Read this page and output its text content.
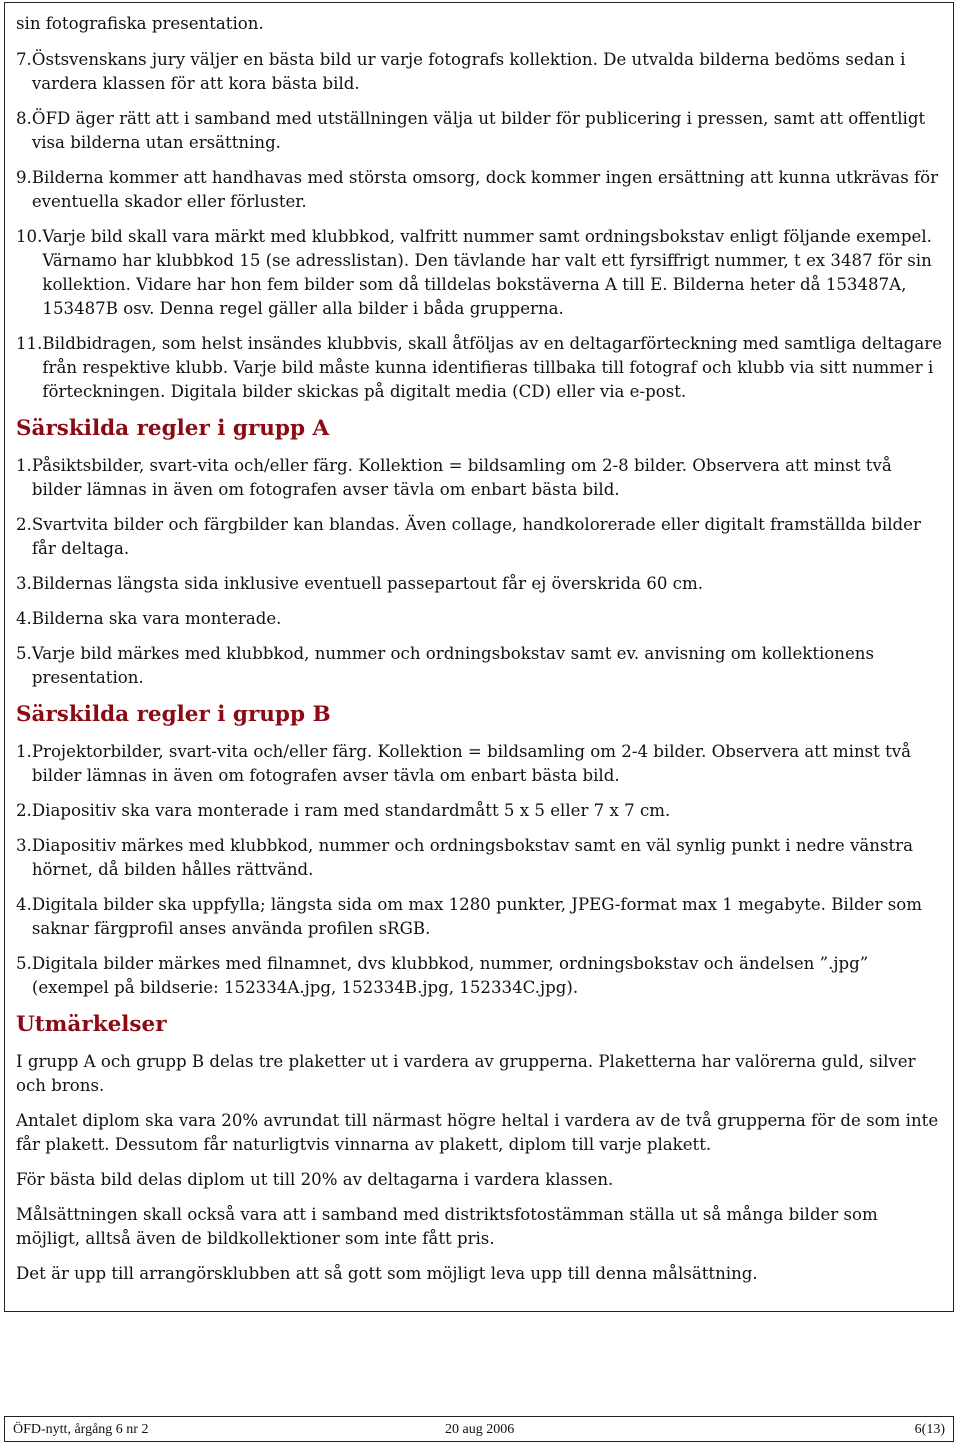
sin fotografiska presentation.

7. Östsvenskans jury väljer en bästa bild ur varje fotografs kollektion. De utvalda bilderna bedöms sedan i vardera klassen för att kora bästa bild.
8. ÖFD äger rätt att i samband med utställningen välja ut bilder för publicering i pressen, samt att offentligt visa bilderna utan ersättning.
9. Bilderna kommer att handhavas med största omsorg, dock kommer ingen ersättning att kunna utkrävas för eventuella skador eller förluster.
10. Varje bild skall vara märkt med klubbkod, valfritt nummer samt ordningsbokstav enligt följande exempel. Värnamo har klubbkod 15 (se adresslistan). Den tävlande har valt ett fyrsiffrigt nummer, t ex 3487 för sin kollektion. Vidare har hon fem bilder som då tilldelas bokstäverna A till E. Bilderna heter då 153487A, 153487B osv. Denna regel gäller alla bilder i båda grupperna.
11. Bildbidragen, som helst insändes klubbvis, skall åtföljas av en deltagarförteckning med samtliga deltagare från respektive klubb. Varje bild måste kunna identifieras tillbaka till fotograf och klubb via sitt nummer i förteckningen. Digitala bilder skickas på digitalt media (CD) eller via e-post.
Särskilda regler i grupp A
1. Påsiktsbilder, svart-vita och/eller färg. Kollektion = bildsamling om 2-8 bilder. Observera att minst två bilder lämnas in även om fotografen avser tävla om enbart bästa bild.
2. Svartvita bilder och färgbilder kan blandas. Även collage, handkolorerade eller digitalt framställda bilder får deltaga.
3. Bildernas längsta sida inklusive eventuell passepartout får ej överskrida 60 cm.
4. Bilderna ska vara monterade.
5. Varje bild märkes med klubbkod, nummer och ordningsbokstav samt ev. anvisning om kollektionens presentation.
Särskilda regler i grupp B
1. Projektorbilder, svart-vita och/eller färg. Kollektion = bildsamling om 2-4 bilder. Observera att minst två bilder lämnas in även om fotografen avser tävla om enbart bästa bild.
2. Diapositiv ska vara monterade i ram med standardmått 5 x 5 eller 7 x 7 cm.
3. Diapositiv märkes med klubbkod, nummer och ordningsbokstav samt en väl synlig punkt i nedre vänstra hörnet, då bilden hålles rättvänd.
4. Digitala bilder ska uppfylla; längsta sida om max 1280 punkter, JPEG-format max 1 megabyte. Bilder som saknar färgprofil anses använda profilen sRGB.
5. Digitala bilder märkes med filnamnet, dvs klubbkod, nummer, ordningsbokstav och ändelsen ”.jpg” (exempel på bildserie: 152334A.jpg, 152334B.jpg, 152334C.jpg).
Utmärkelser

I grupp A och grupp B delas tre plaketter ut i vardera av grupperna. Plaketterna har valörerna guld, silver och brons.

Antalet diplom ska vara 20% avrundat till närmast högre heltal i vardera av de två grupperna för de som inte får plakett. Dessutom får naturligtvis vinnarna av plakett, diplom till varje plakett.

För bästa bild delas diplom ut till 20% av deltagarna i vardera klassen.

Målsättningen skall också vara att i samband med distriktsfotostämman ställa ut så många bilder som möjligt, alltså även de bildkollektioner som inte fått pris.

Det är upp till arrangörsklubben att så gott som möjligt leva upp till denna målsättning.

ÖFD-nytt, årgång 6 nr 2	20 aug 2006	6(13)
